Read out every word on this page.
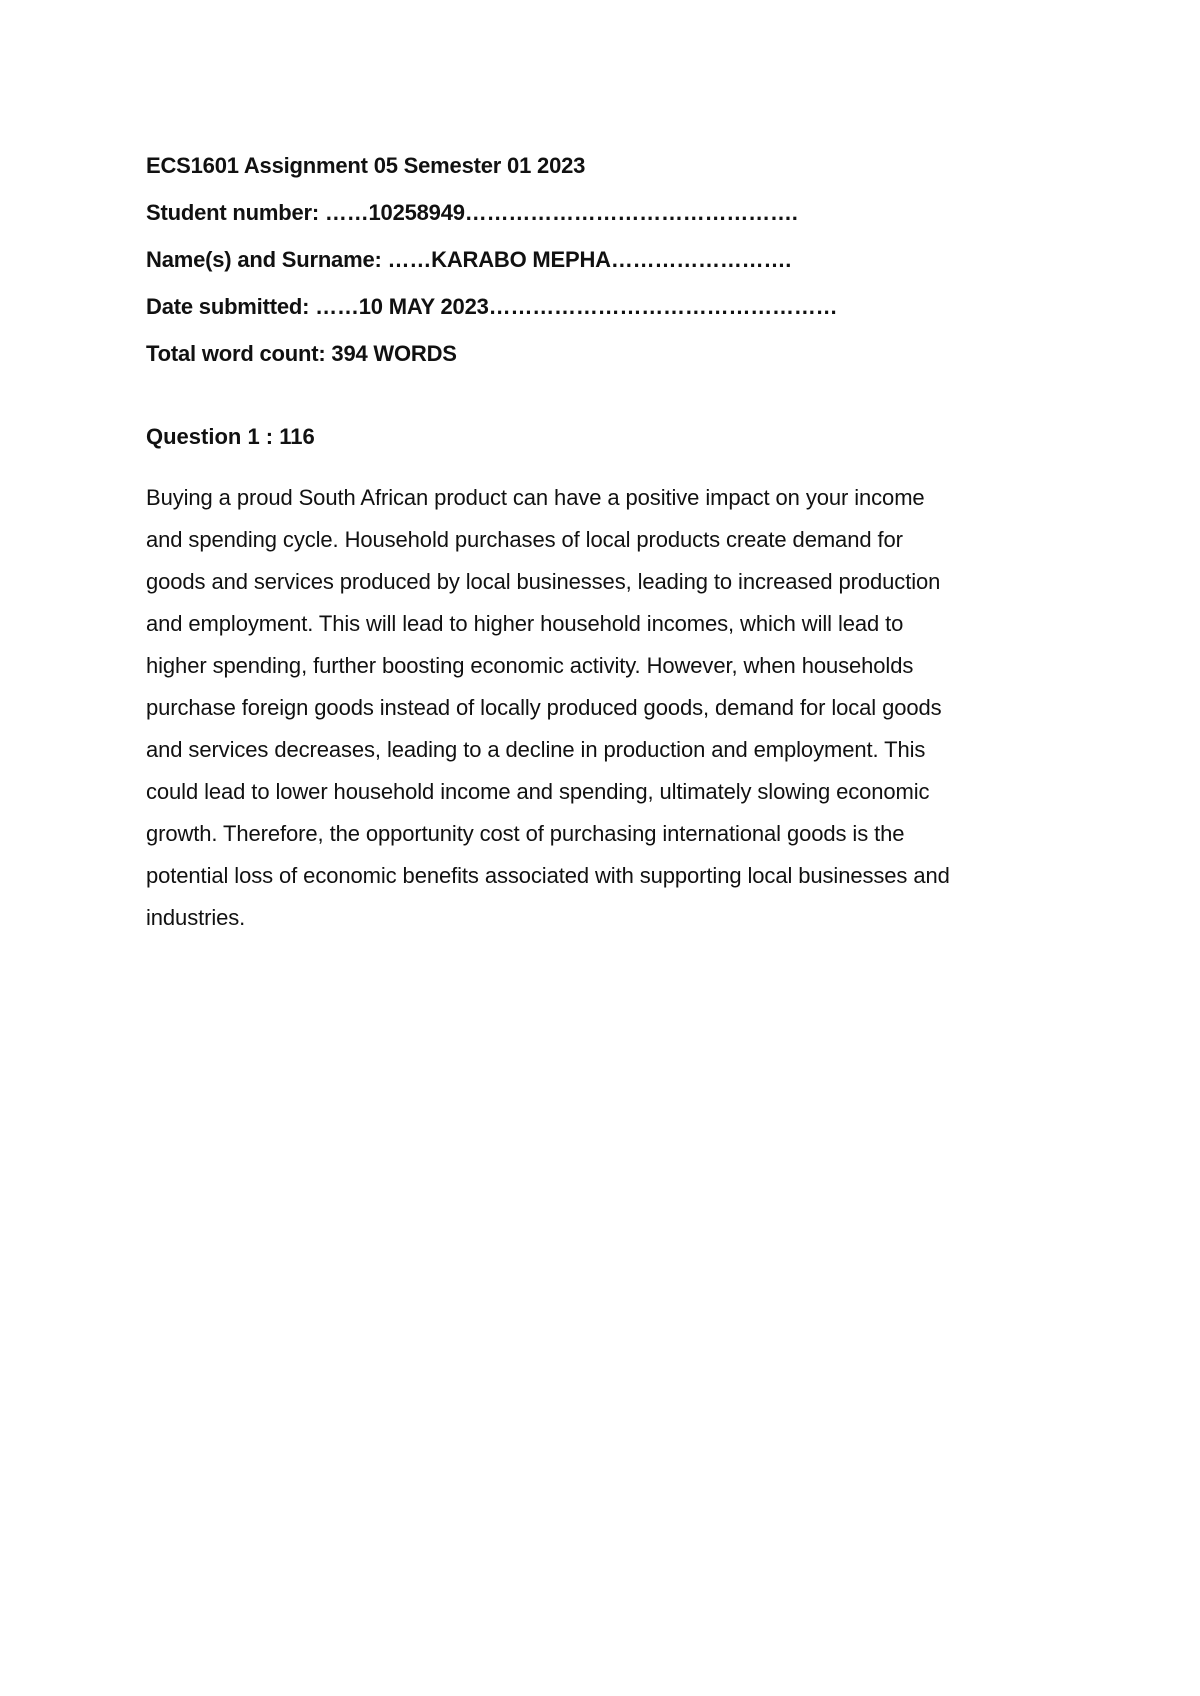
ECS1601 Assignment 05 Semester 01 2023
Student number: ……10258949……………………………………….
Name(s) and Surname: ……KARABO MEPHA…………………….
Date submitted: ……10 MAY 2023…………………………………………
Total word count: 394 WORDS
Question 1 : 116
Buying a proud South African product can have a positive impact on your income
and spending cycle. Household purchases of local products create demand for
goods and services produced by local businesses, leading to increased production
and employment. This will lead to higher household incomes, which will lead to
higher spending, further boosting economic activity. However, when households
purchase foreign goods instead of locally produced goods, demand for local goods
and services decreases, leading to a decline in production and employment. This
could lead to lower household income and spending, ultimately slowing economic
growth. Therefore, the opportunity cost of purchasing international goods is the
potential loss of economic benefits associated with supporting local businesses and
industries.
